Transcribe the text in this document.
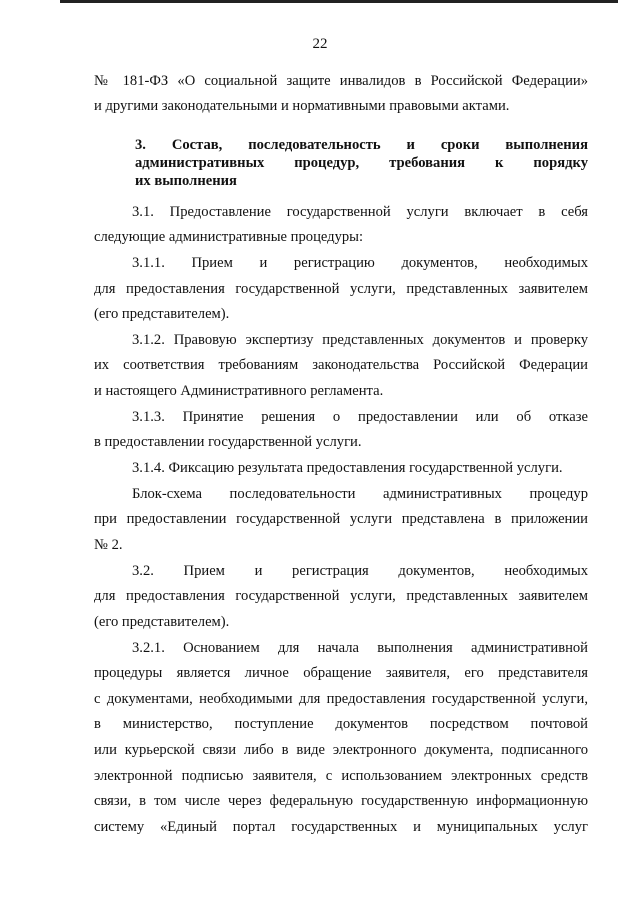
22
№ 181-ФЗ «О социальной защите инвалидов в Российской Федерации»
и другими законодательными и нормативными правовыми актами.
3. Состав, последовательность и сроки выполнения
административных процедур, требования к порядку
их выполнения
3.1. Предоставление государственной услуги включает в себя
следующие административные процедуры:
3.1.1. Прием и регистрацию документов, необходимых
для предоставления государственной услуги, представленных заявителем
(его представителем).
3.1.2. Правовую экспертизу представленных документов и проверку
их соответствия требованиям законодательства Российской Федерации
и настоящего Административного регламента.
3.1.3. Принятие решения о предоставлении или об отказе
в предоставлении государственной услуги.
3.1.4. Фиксацию результата предоставления государственной услуги.
Блок-схема последовательности административных процедур
при предоставлении государственной услуги представлена в приложении
№ 2.
3.2. Прием и регистрация документов, необходимых
для предоставления государственной услуги, представленных заявителем
(его представителем).
3.2.1. Основанием для начала выполнения административной
процедуры является личное обращение заявителя, его представителя
с документами, необходимыми для предоставления государственной услуги,
в министерство, поступление документов посредством почтовой
или курьерской связи либо в виде электронного документа, подписанного
электронной подписью заявителя, с использованием электронных средств
связи, в том числе через федеральную государственную информационную
систему «Единый портал государственных и муниципальных услуг
